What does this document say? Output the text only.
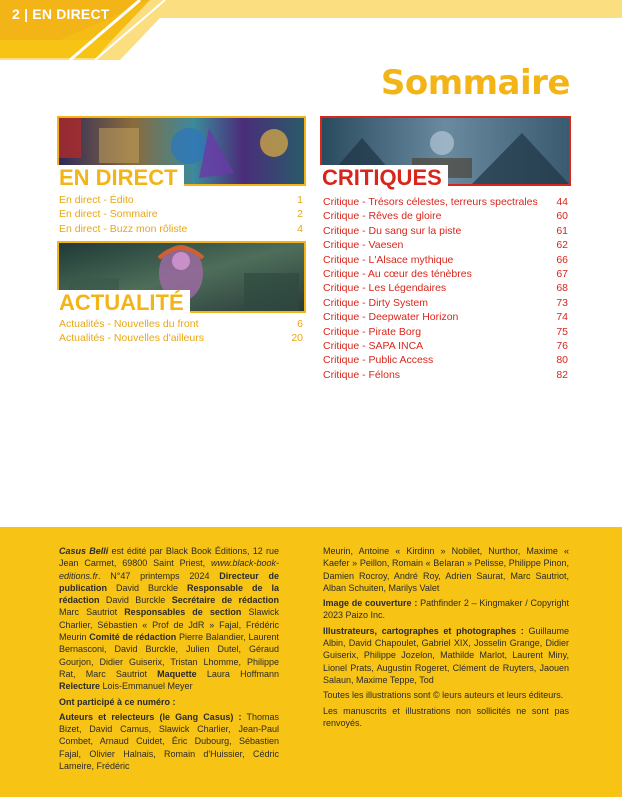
2 | EN DIRECT
Sommaire
EN DIRECT
En direct - Édito	1
En direct - Sommaire	2
En direct - Buzz mon rôliste	4
ACTUALITÉ
Actualités - Nouvelles du front	6
Actualités - Nouvelles d'ailleurs	20
CRITIQUES
Critique - Trésors célestes, terreurs spectrales 44
Critique - Rêves de gloire	60
Critique - Du sang sur la piste	61
Critique - Vaesen	62
Critique - L'Alsace mythique	66
Critique - Au cœur des ténèbres	67
Critique - Les Légendaires	68
Critique - Dirty System	73
Critique - Deepwater Horizon	74
Critique - Pirate Borg	75
Critique - SAPA INCA	76
Critique - Public Access	80
Critique - Félons	82

Casus Belli est édité par Black Book Éditions, 12 rue Jean Carmet, 69800 Saint Priest, www.black-book-editions.fr. N°47 printemps 2024 Directeur de publication David Burckle Responsable de la rédaction David Burckle Secrétaire de rédaction Marc Sautriot Responsables de section Slawick Charlier, Sébastien « Prof de JdR » Fajal, Frédéric Meurin Comité de rédaction Pierre Balandier, Laurent Bernasconi, David Burckle, Julien Dutel, Géraud Gourjon, Didier Guiserix, Tristan Lhomme, Philippe Rat, Marc Sautriot Maquette Laura Hoffmann Relecture Lois-Emmanuel Meyer

Ont participé à ce numéro :

Auteurs et relecteurs (le Gang Casus) : Thomas Bizet, David Camus, Slawick Charlier, Jean-Paul Combet, Arnaud Cuidet, Éric Dubourg, Sébastien Fajal, Olivier Halnais, Romain d'Huissier, Cédric Lameire, Frédéric

Meurin, Antoine « Kirdinn » Nobilet, Nurthor, Maxime « Kaefer » Peillon, Romain « Belaran » Pelisse, Philippe Pinon, Damien Rocroy, André Roy, Adrien Saurat, Marc Sautriot, Alban Schuiten, Marilys Valet

Image de couverture : Pathfinder 2 – Kingmaker / Copyright 2023 Paizo Inc.

Illustrateurs, cartographes et photographes : Guillaume Albin, David Chapoulet, Gabriel XIX, Josselin Grange, Didier Guiserix, Philippe Jozelon, Mathilde Marlot, Laurent Miny, Lionel Prats, Augustin Rogeret, Clément de Ruyters, Jaouen Salaun, Maxime Teppe, Tod

Toutes les illustrations sont © leurs auteurs et leurs éditeurs.

Les manuscrits et illustrations non sollicités ne sont pas renvoyés.
